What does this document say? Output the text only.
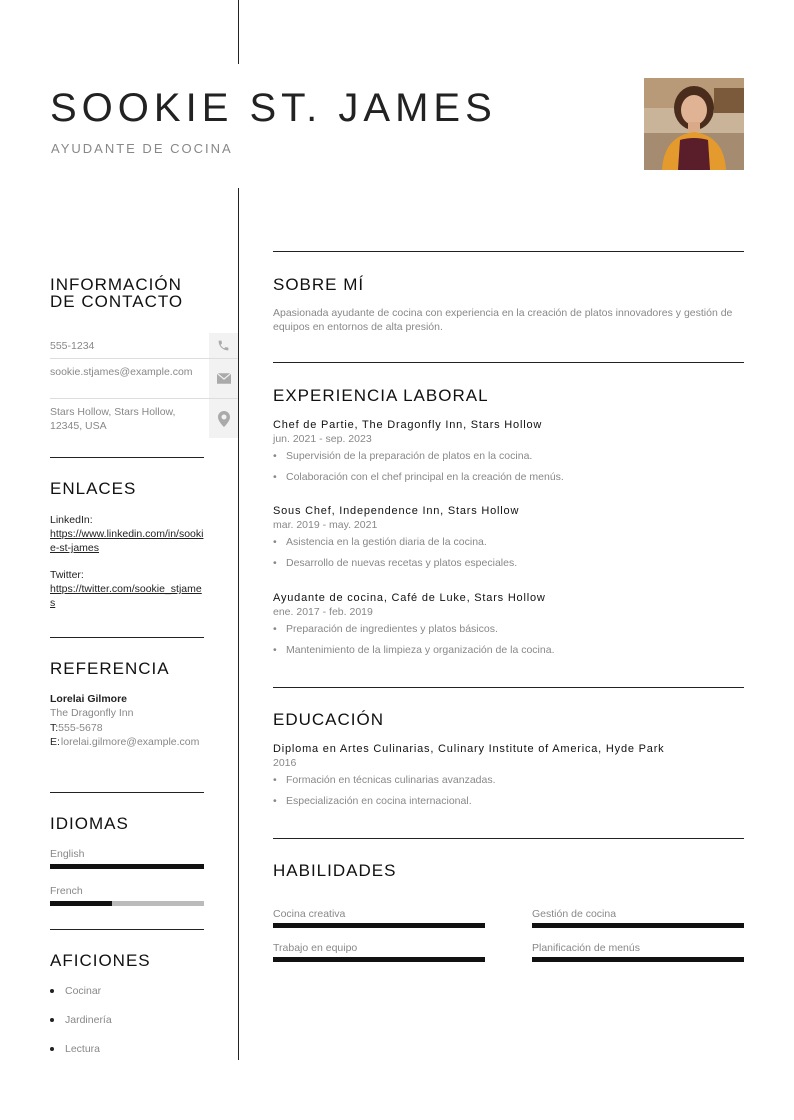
SOOKIE ST. JAMES
AYUDANTE DE COCINA
INFORMACIÓN
DE CONTACTO
555-1234
sookie.stjames@example.com
Stars Hollow, Stars Hollow, 12345, USA
ENLACES
LinkedIn:
https://www.linkedin.com/in/sookie-st-james
Twitter:
https://twitter.com/sookie_stjames
REFERENCIA
Lorelai Gilmore
The Dragonfly Inn
T:555-5678
E: lorelai.gilmore@example.com
IDIOMAS
English
French
AFICIONES
Cocinar
Jardinería
Lectura
SOBRE MÍ
Apasionada ayudante de cocina con experiencia en la creación de platos innovadores y gestión de equipos en entornos de alta presión.
EXPERIENCIA LABORAL
Chef de Partie, The Dragonfly Inn, Stars Hollow
jun. 2021 - sep. 2023
• Supervisión de la preparación de platos en la cocina.
• Colaboración con el chef principal en la creación de menús.
Sous Chef, Independence Inn, Stars Hollow
mar. 2019 - may. 2021
• Asistencia en la gestión diaria de la cocina.
• Desarrollo de nuevas recetas y platos especiales.
Ayudante de cocina, Café de Luke, Stars Hollow
ene. 2017 - feb. 2019
• Preparación de ingredientes y platos básicos.
• Mantenimiento de la limpieza y organización de la cocina.
EDUCACIÓN
Diploma en Artes Culinarias, Culinary Institute of America, Hyde Park
2016
• Formación en técnicas culinarias avanzadas.
• Especialización en cocina internacional.
HABILIDADES
Cocina creativa	Gestión de cocina
Trabajo en equipo	Planificación de menús
